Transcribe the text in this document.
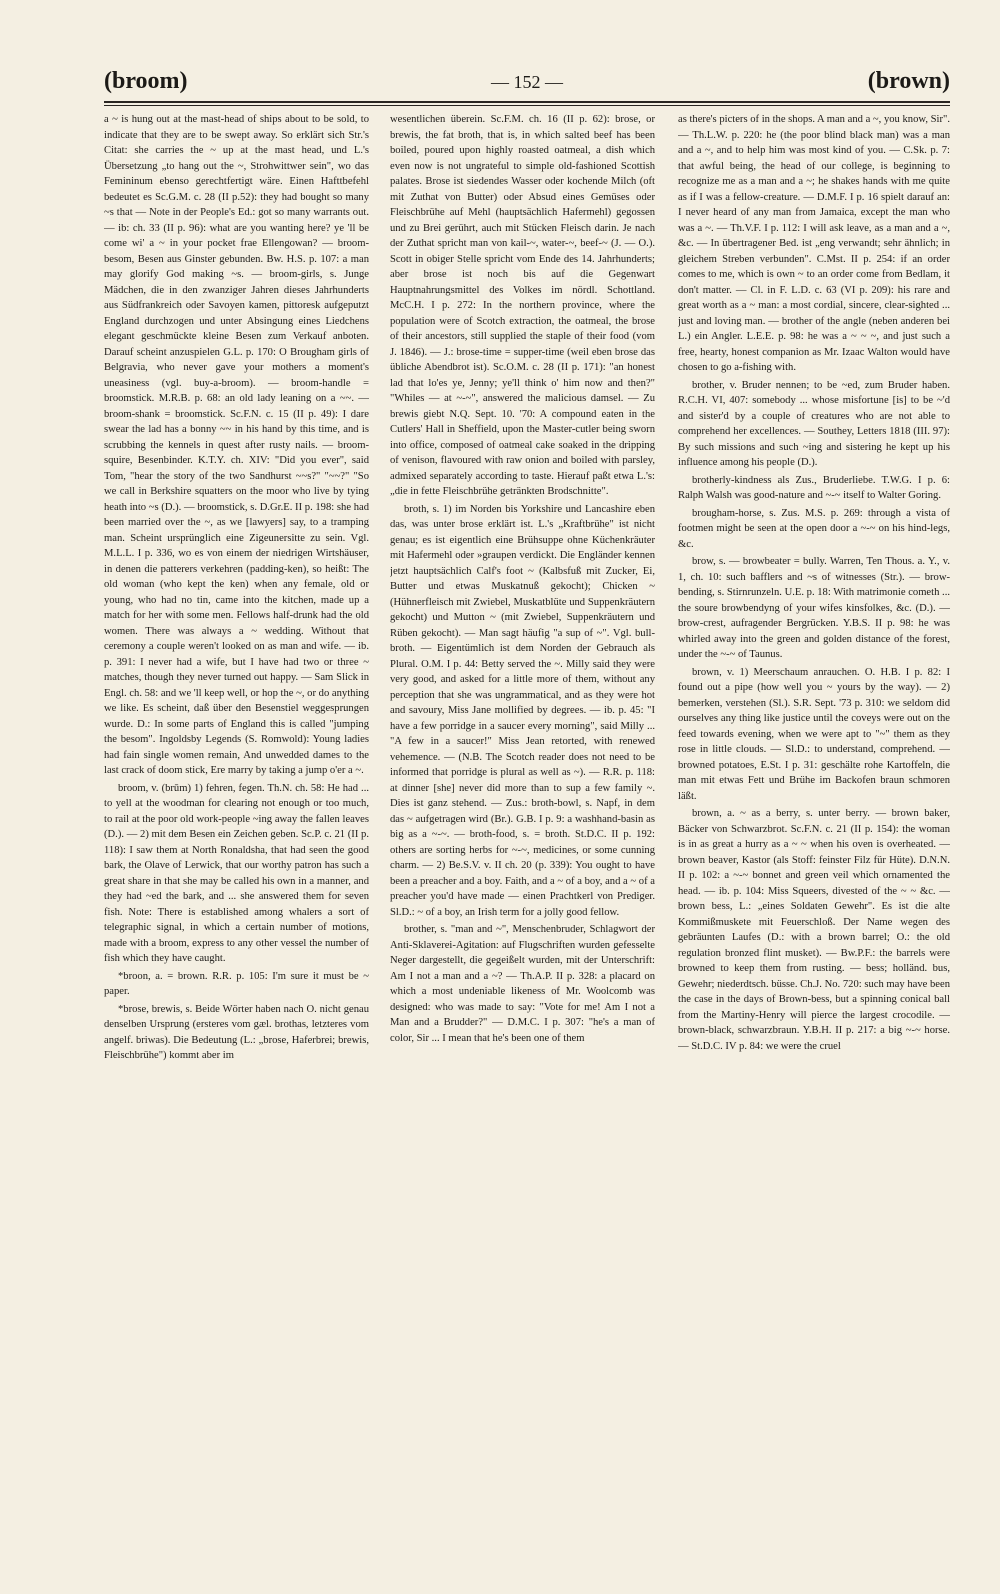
(broom)	— 152 —	(brown)

a ~ is hung out at the mast-head of ships about to be sold, to indicate that they are to be swept away. So erklärt sich Str.'s Citat: she carries the ~ up at the mast head, und L.'s Übersetzung „to hang out the ~, Strohwittwer sein", wo das Femininum ebenso gerechtfertigt wäre. Einen Hafttbefehl bedeutet es Sc.G.M. c. 28 (II p.52): they had bought so many ~s that — Note in der People's Ed.: got so many warrants out. — ib: ch. 33 (II p. 96): what are you wanting here? ye 'll be come wi' a ~ in your pocket frae Ellengowan? — broom-besom, Besen aus Ginster gebunden. Bw. H.S. p. 107: a man may glorify God making ~s. — broom-girls, s. Junge Mädchen, die in den zwanziger Jahren dieses Jahrhunderts aus Südfrankreich oder Savoyen kamen, pittoresk aufgeputzt England durchzogen und unter Absingung eines Liedchens elegant geschmückte kleine Besen zum Verkauf anboten. Darauf scheint anzuspielen G.L. p. 170: O Brougham girls of Belgravia, who never gave your mothers a moment's uneasiness (vgl. buy-a-broom). — broom-handle = broomstick. M.R.B. p. 68: an old lady leaning on a ~~. — broom-shank = broomstick. Sc.F.N. c. 15 (II p. 49): I dare swear the lad has a bonny ~~ in his hand by this time, and is scrubbing the kennels in quest after rusty nails. — broom-squire, Besenbinder. K.T.Y. ch. XIV: "Did you ever", said Tom, "hear the story of the two Sandhurst ~~s?" "~~?" "So we call in Berkshire squatters on the moor who live by tying heath into ~s (D.). — broomstick, s. D.Gr.E. II p. 198: she had been married over the ~, as we [lawyers] say, to a tramping man. Scheint ursprünglich eine Zigeunersitte zu sein. Vgl. M.L.L. I p. 336, wo es von einem der niedrigen Wirtshäuser, in denen die patterers verkehren (padding-ken), so heißt: The old woman (who kept the ken) when any female, old or young, who had no tin, came into the kitchen, made up a match for her with some men. Fellows half-drunk had the old women. There was always a ~ wedding. Without that ceremony a couple weren't looked on as man and wife. — ib. p. 391: I never had a wife, but I have had two or three ~ matches, though they never turned out happy. — Sam Slick in Engl. ch. 58: and we 'll keep well, or hop the ~, or do anything we like. Es scheint, daß über den Besenstiel weggesprungen wurde. D.: In some parts of England this is called "jumping the besom". Ingoldsby Legends (S. Romwold): Young ladies had fain single women remain, And unwedded dames to the last crack of doom stick, Ere marry by taking a jump o'er a ~.

broom, v. (brūm) 1) fehren, fegen. Th.N. ch. 58: He had ... to yell at the woodman for clearing not enough or too much, to rail at the poor old work-people ~ing away the fallen leaves (D.). — 2) mit dem Besen ein Zeichen geben. Sc.P. c. 21 (II p. 118): I saw them at North Ronaldsha, that had seen the good bark, the Olave of Lerwick, that our worthy patron has such a great share in that she may be called his own in a manner, and they had ~ed the bark, and ... she answered them for seven fish. Note: There is established among whalers a sort of telegraphic signal, in which a certain number of motions, made with a broom, express to any other vessel the number of fish which they have caught.

*broon, a. = brown. R.R. p. 105: I'm sure it must be ~ paper.

*brose, brewis, s. Beide Wörter haben nach O. nicht genau denselben Ursprung (ersteres vom gæl. brothas, letzteres vom angelf. briwas). Die Bedeutung (L.: „brose, Haferbrei; brewis, Fleischbrühe") kommt aber im

wesentlichen überein. Sc.F.M. ch. 16 (II p. 62): brose, or brewis, the fat broth, that is, in which salted beef has been boiled, poured upon highly roasted oatmeal, a dish which even now is not ungrateful to simple old-fashioned Scottish palates. Brose ist siedendes Wasser oder kochende Milch (oft mit Zuthat von Butter) oder Absud eines Gemüses oder Fleischbrühe auf Mehl (hauptsächlich Hafermehl) gegossen und zu Brei gerührt, auch mit Stücken Fleisch darin. Je nach der Zuthat spricht man von kail-~, water-~, beef-~ (J. — O.). Scott in obiger Stelle spricht vom Ende des 14. Jahrhunderts; aber brose ist noch bis auf die Gegenwart Hauptnahrungsmittel des Volkes im nördl. Schottland. McC.H. I p. 272: In the northern province, where the population were of Scotch extraction, the oatmeal, the brose of their ancestors, still supplied the staple of their food (vom J. 1846). — J.: brose-time = supper-time (weil eben brose das übliche Abendbrot ist). Sc.O.M. c. 28 (II p. 171): "an honest lad that lo'es ye, Jenny; ye'll think o' him now and then?" "Whiles — at ~-~", answered the malicious damsel. — Zu brewis giebt N.Q. Sept. 10. '70: A compound eaten in the Cutlers' Hall in Sheffield, upon the Master-cutler being sworn into office, composed of oatmeal cake soaked in the dripping of venison, flavoured with raw onion and boiled with parsley, admixed separately according to taste. Hierauf paßt etwa L.'s: „die in fette Fleischbrühe getränkten Brodschnitte".

broth, s. 1) im Norden bis Yorkshire und Lancashire eben das, was unter brose erklärt ist. L.'s „Kraftbrühe" ist nicht genau; es ist eigentlich eine Brühsuppe ohne Küchenkräuter mit Hafermehl oder »graupen verdickt. Die Engländer kennen jetzt hauptsächlich Calf's foot ~ (Kalbsfuß mit Zucker, Ei, Butter und etwas Muskatnuß gekocht); Chicken ~ (Hühnerfleisch mit Zwiebel, Muskatblüte und Suppenkräutern gekocht) und Mutton ~ (mit Zwiebel, Suppenkräutern und Rüben gekocht). — Man sagt häufig "a sup of ~". Vgl. bull-broth. — Eigentümlich ist dem Norden der Gebrauch als Plural. O.M. I p. 44: Betty served the ~. Milly said they were very good, and asked for a little more of them, without any perception that she was ungrammatical, and as they were hot and savoury, Miss Jane mollified by degrees. — ib. p. 45: "I have a few porridge in a saucer every morning", said Milly ... "A few in a saucer!" Miss Jean retorted, with renewed vehemence. — (N.B. The Scotch reader does not need to be informed that porridge is plural as well as ~). — R.R. p. 118: at dinner [she] never did more than to sup a few family ~. Dies ist ganz stehend. — Zus.: broth-bowl, s. Napf, in dem das ~ aufgetragen wird (Br.). G.B. I p. 9: a washhand-basin as big as a ~-~. — broth-food, s. = broth. St.D.C. II p. 192: others are sorting herbs for ~-~, medicines, or some cunning charm. — 2) Be.S.V. v. II ch. 20 (p. 339): You ought to have been a preacher and a boy. Faith, and a ~ of a boy, and a ~ of a preacher you'd have made — einen Prachtkerl von Prediger. Sl.D.: ~ of a boy, an Irish term for a jolly good fellow.

brother, s. "man and ~", Menschenbruder, Schlagwort der Anti-Sklaverei-Agitation: auf Flugschriften wurden gefesselte Neger dargestellt, die gegeißelt wurden, mit der Unterschrift: Am I not a man and a ~? — Th.A.P. II p. 328: a placard on which a most undeniable likeness of Mr. Woolcomb was designed: who was made to say: "Vote for me! Am I not a Man and a Brudder?" — D.M.C. I p. 307: "he's a man of color, Sir ... I mean that he's been one of them

as there's picters of in the shops. A man and a ~, you know, Sir". — Th.L.W. p. 220: he (the poor blind black man) was a man and a ~, and to help him was most kind of you. — C.Sk. p. 7: that awful being, the head of our college, is beginning to recognize me as a man and a ~; he shakes hands with me quite as if I was a fellow-creature. — D.M.F. I p. 16 spielt darauf an: I never heard of any man from Jamaica, except the man who was a ~. — Th.V.F. I p. 112: I will ask leave, as a man and a ~, &c. — In übertragener Bed. ist „eng verwandt; sehr ähnlich; in gleichem Streben verbunden". C.Mst. II p. 254: if an order comes to me, which is own ~ to an order come from Bedlam, it don't matter. — Cl. in F. L.D. c. 63 (VI p. 209): his rare and great worth as a ~ man: a most cordial, sincere, clear-sighted ... just and loving man. — brother of the angle (neben anderen bei L.) ein Angler. L.E.E. p. 98: he was a ~ ~ ~, and just such a free, hearty, honest companion as Mr. Izaac Walton would have chosen to go a-fishing with.

brother, v. Bruder nennen; to be ~ed, zum Bruder haben. R.C.H. VI, 407: somebody ... whose misfortune [is] to be ~'d and sister'd by a couple of creatures who are not able to comprehend her excellences. — Southey, Letters 1818 (III. 97): By such missions and such ~ing and sistering he kept up his influence among his people (D.).

brotherly-kindness als Zus., Bruderliebe. T.W.G. I p. 6: Ralph Walsh was good-nature and ~-~ itself to Walter Goring.

brougham-horse, s. Zus. M.S. p. 269: through a vista of footmen might be seen at the open door a ~-~ on his hind-legs, &c.

brow, s. — browbeater = bully. Warren, Ten Thous. a. Y., v. 1, ch. 10: such bafflers and ~s of witnesses (Str.). — brow-bending, s. Stirnrunzeln. U.E. p. 18: With matrimonie cometh ... the soure browbendyng of your wifes kinsfolkes, &c. (D.). — brow-crest, aufragender Bergrücken. Y.B.S. II p. 98: he was whirled away into the green and golden distance of the forest, under the ~-~ of Taunus.

brown, v. 1) Meerschaum anrauchen. O. H.B. I p. 82: I found out a pipe (how well you ~ yours by the way). — 2) bemerken, verstehen (Sl.). S.R. Sept. '73 p. 310: we seldom did ourselves any thing like justice until the coveys were out on the feed towards evening, when we were apt to "~" them as they rose in little clouds. — Sl.D.: to understand, comprehend. — browned potatoes, E.St. I p. 31: geschälte rohe Kartoffeln, die man mit etwas Fett und Brühe im Backofen braun schmoren läßt.

brown, a. ~ as a berry, s. unter berry. — brown baker, Bäcker von Schwarzbrot. Sc.F.N. c. 21 (II p. 154): the woman is in as great a hurry as a ~ ~ when his oven is overheated. — brown beaver, Kastor (als Stoff: feinster Filz für Hüte). D.N.N. II p. 102: a ~-~ bonnet and green veil which ornamented the head. — ib. p. 104: Miss Squeers, divested of the ~ ~ &c. — brown bess, L.: „eines Soldaten Gewehr". Es ist die alte Kommißmuskete mit Feuerschloß. Der Name wegen des gebräunten Laufes (D.: with a brown barrel; O.: the old regulation bronzed flint musket). — Bw.P.F.: the barrels were browned to keep them from rusting. — bess; holländ. bus, Gewehr; niederdtsch. büsse. Ch.J. No. 720: such may have been the case in the days of Brown-bess, but a spinning conical ball from the Martiny-Henry will pierce the largest crocodile. — brown-black, schwarzbraun. Y.B.H. II p. 217: a big ~-~ horse. — St.D.C. IV p. 84: we were the cruel
